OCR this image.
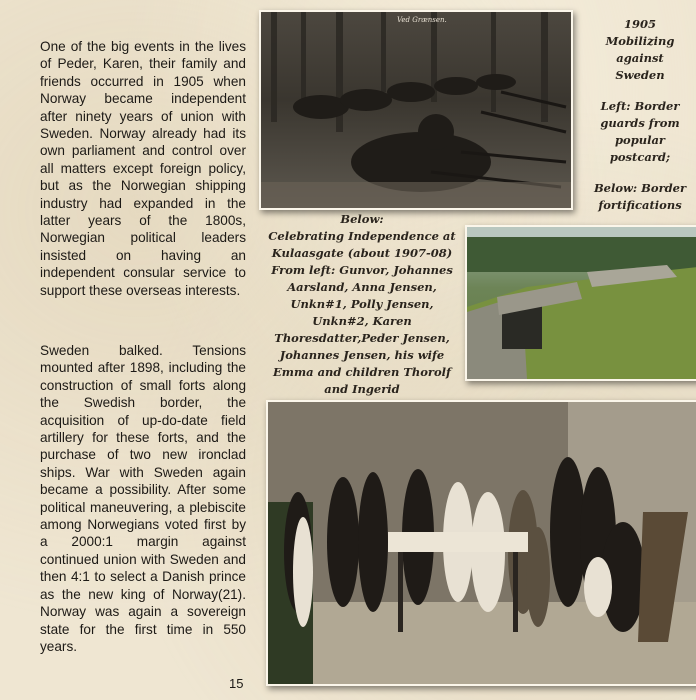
One of the big events in the lives of Peder, Karen, their family and friends occurred in 1905 when Norway became independent after ninety years of union with Sweden. Norway already had its own parliament and control over all matters except foreign policy, but as the Norwegian shipping industry had expanded in the latter years of the 1800s, Norwegian political leaders insisted on having an independent consular service to support these overseas interests.

Sweden balked. Tensions mounted after 1898, including the construction of small forts along the Swedish border, the acquisition of up-do-date field artillery for these forts, and the purchase of two new ironclad ships. War with Sweden again became a possibility. After some political maneuvering, a plebiscite among Norwegians voted first by a 2000:1 margin against continued union with Sweden and then 4:1 to select a Danish prince as the new king of Norway(21). Norway was again a sovereign state for the first time in 550 years.

15
Ved Grænsen.	1905
Mobilizing
against
Sweden
Left: Border
guards from
popular
postcard;
Below: Border
fortifications
Below:
Celebrating Independence at
Kulaasgate (about 1907-08)
From left: Gunvor, Johannes
Aarsland, Anna Jensen,
Unkn#1, Polly Jensen,
Unkn#2, Karen
Thoresdatter,Peder Jensen,
Johannes Jensen, his wife
Emma and children Thorolf
and Ingerid
